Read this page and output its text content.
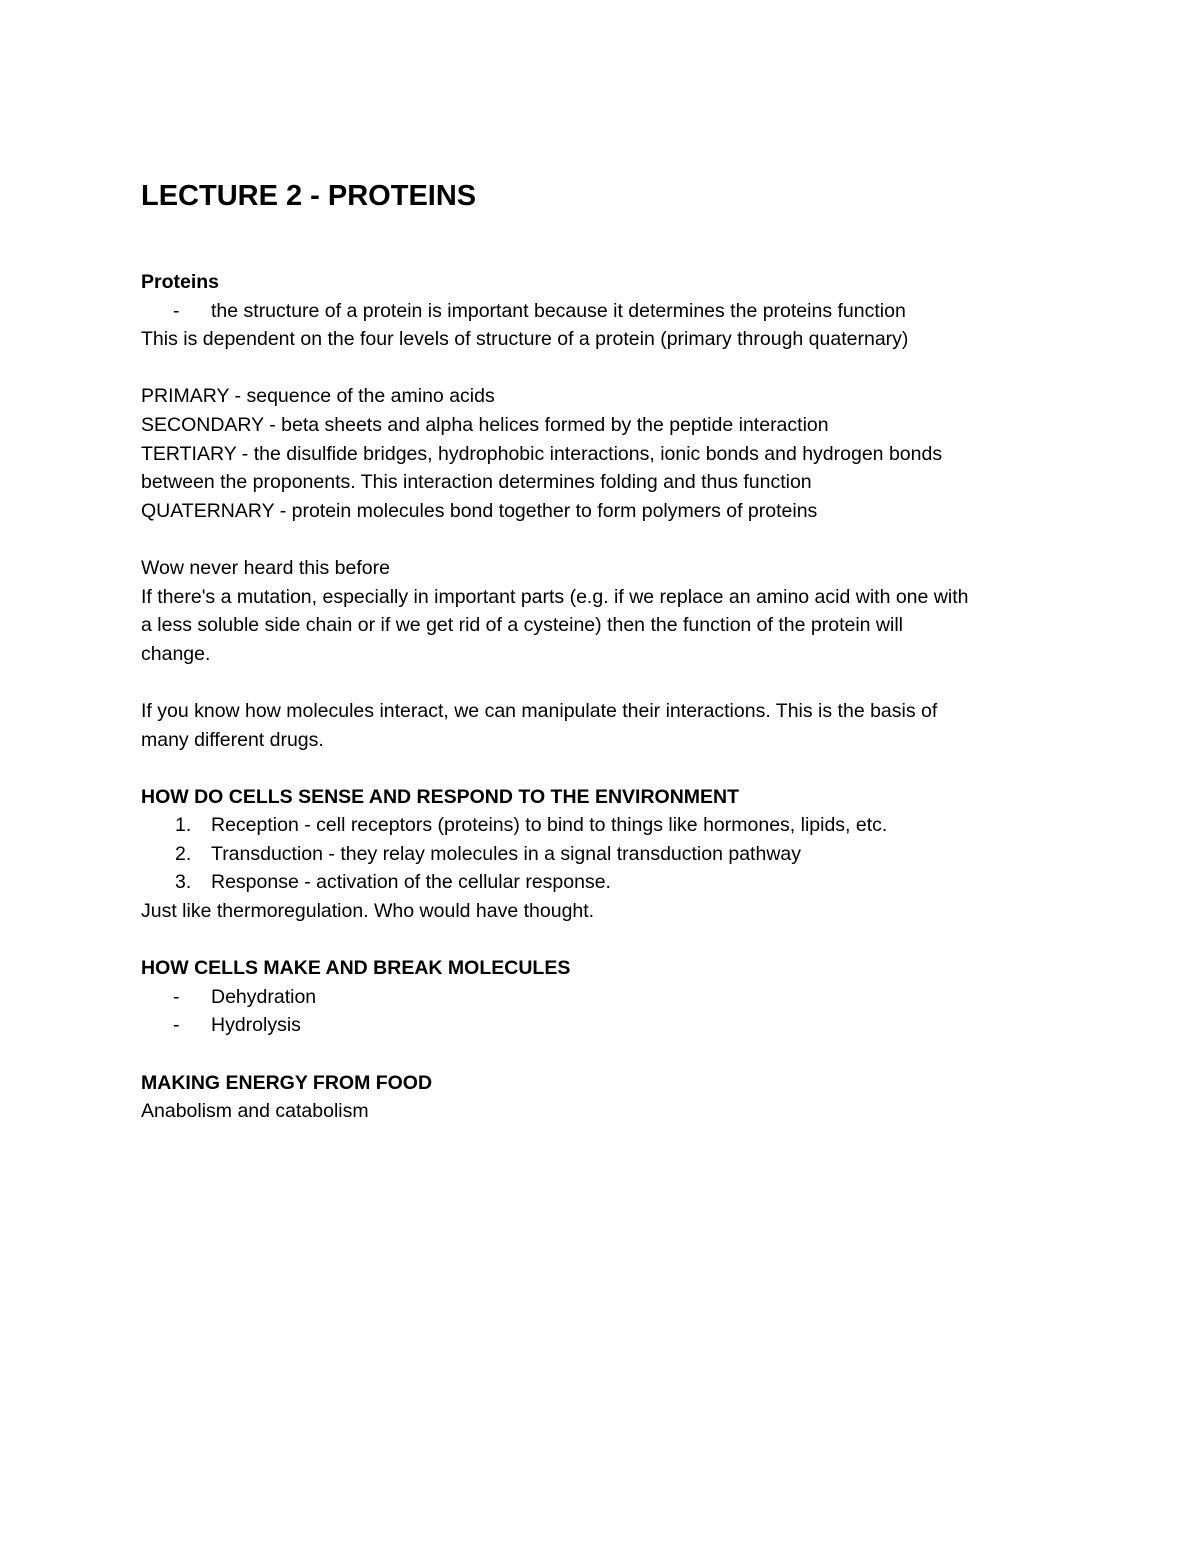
LECTURE 2 - PROTEINS

Proteins

-	the structure of a protein is important because it determines the proteins function

This is dependent on the four levels of structure of a protein (primary through quaternary)

PRIMARY - sequence of the amino acids

SECONDARY - beta sheets and alpha helices formed by the peptide interaction

TERTIARY - the disulfide bridges, hydrophobic interactions, ionic bonds and hydrogen bonds

between the proponents. This interaction determines folding and thus function

QUATERNARY - protein molecules bond together to form polymers of proteins

Wow never heard this before

If there's a mutation, especially in important parts (e.g. if we replace an amino acid with one with

a less soluble side chain or if we get rid of a cysteine) then the function of the protein will

change.

If you know how molecules interact, we can manipulate their interactions. This is the basis of

many different drugs.

HOW DO CELLS SENSE AND RESPOND TO THE ENVIRONMENT

1.	Reception - cell receptors (proteins) to bind to things like hormones, lipids, etc.
2.	Transduction - they relay molecules in a signal transduction pathway
3.	Response - activation of the cellular response.

Just like thermoregulation. Who would have thought.

HOW CELLS MAKE AND BREAK MOLECULES

-	Dehydration
-	Hydrolysis

MAKING ENERGY FROM FOOD

Anabolism and catabolism
